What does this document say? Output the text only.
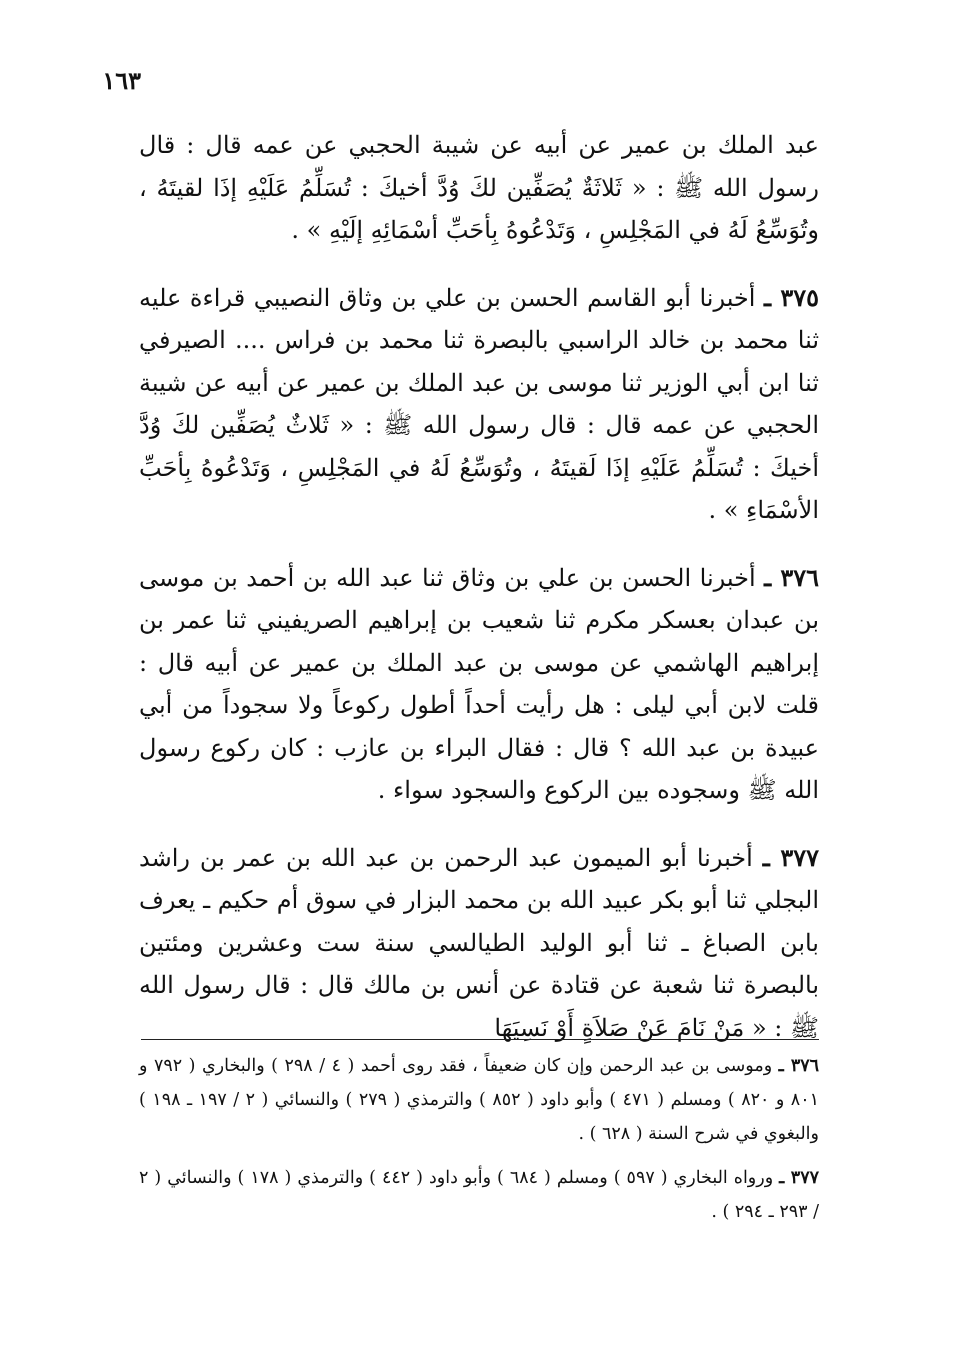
١٦٣

عبد الملك بن عمير عن أبيه عن شيبة الحجبي عن عمه قال : قال رسول الله ﷺ : « ثَلاثَةٌ يُصَفِّين لكَ وُدَّ أخيكَ : تُسَلِّمُ عَلَيْهِ إذَا لقيتَهُ ، وتُوَسِّعُ لَهُ في المَجْلِسِ ، وَتَدْعُوهُ بِأحَبِّ أسْمَائِهِ إلَيْهِ » .

٣٧٥ ـ أخبرنا أبو القاسم الحسن بن علي بن وثاق النصيبي قراءة عليه ثنا محمد بن خالد الراسبي بالبصرة ثنا محمد بن فراس .... الصيرفي ثنا ابن أبي الوزير ثنا موسى بن عبد الملك بن عمير عن أبيه عن شيبة الحجبي عن عمه قال : قال رسول الله ﷺ : « ثَلاثٌ يُصَفِّين لكَ وُدَّ أخيكَ : تُسَلِّمُ عَلَيْهِ إذَا لَقيتَهُ ، وتُوَسِّعُ لَهُ في المَجْلِسِ ، وَتَدْعُوهُ بِأحَبِّ الأسْمَاءِ » .

٣٧٦ ـ أخبرنا الحسن بن علي بن وثاق ثنا عبد الله بن أحمد بن موسى بن عبدان بعسكر مكرم ثنا شعيب بن إبراهيم الصريفيني ثنا عمر بن إبراهيم الهاشمي عن موسى بن عبد الملك بن عمير عن أبيه قال : قلت لابن أبي ليلى : هل رأيت أحداً أطول ركوعاً ولا سجوداً من أبي عبيدة بن عبد الله ؟ قال : فقال البراء بن عازب : كان ركوع رسول الله ﷺ وسجوده بين الركوع والسجود سواء .

٣٧٧ ـ أخبرنا أبو الميمون عبد الرحمن بن عبد الله بن عمر بن راشد البجلي ثنا أبو بكر عبيد الله بن محمد البزار في سوق أم حكيم ـ يعرف بابن الصباغ ـ ثنا أبو الوليد الطيالسي سنة ست وعشرين ومئتين بالبصرة ثنا شعبة عن قتادة عن أنس بن مالك قال : قال رسول الله ﷺ : « مَنْ نَامَ عَنْ صَلاَةٍ أَوْ نَسِيَهَا

٣٧٦ ـ وموسى بن عبد الرحمن وإن كان ضعيفاً ، فقد روى أحمد ( ٤ / ٢٩٨ ) والبخاري ( ٧٩٢ و ٨٠١ و ٨٢٠ ) ومسلم ( ٤٧١ ) وأبو داود ( ٨٥٢ ) والترمذي ( ٢٧٩ ) والنسائي ( ٢ / ١٩٧ ـ ١٩٨ ) والبغوي في شرح السنة ( ٦٢٨ ) .

٣٧٧ ـ ورواه البخاري ( ٥٩٧ ) ومسلم ( ٦٨٤ ) وأبو داود ( ٤٤٢ ) والترمذي ( ١٧٨ ) والنسائي ( ٢ / ٢٩٣ ـ ٢٩٤ ) .
